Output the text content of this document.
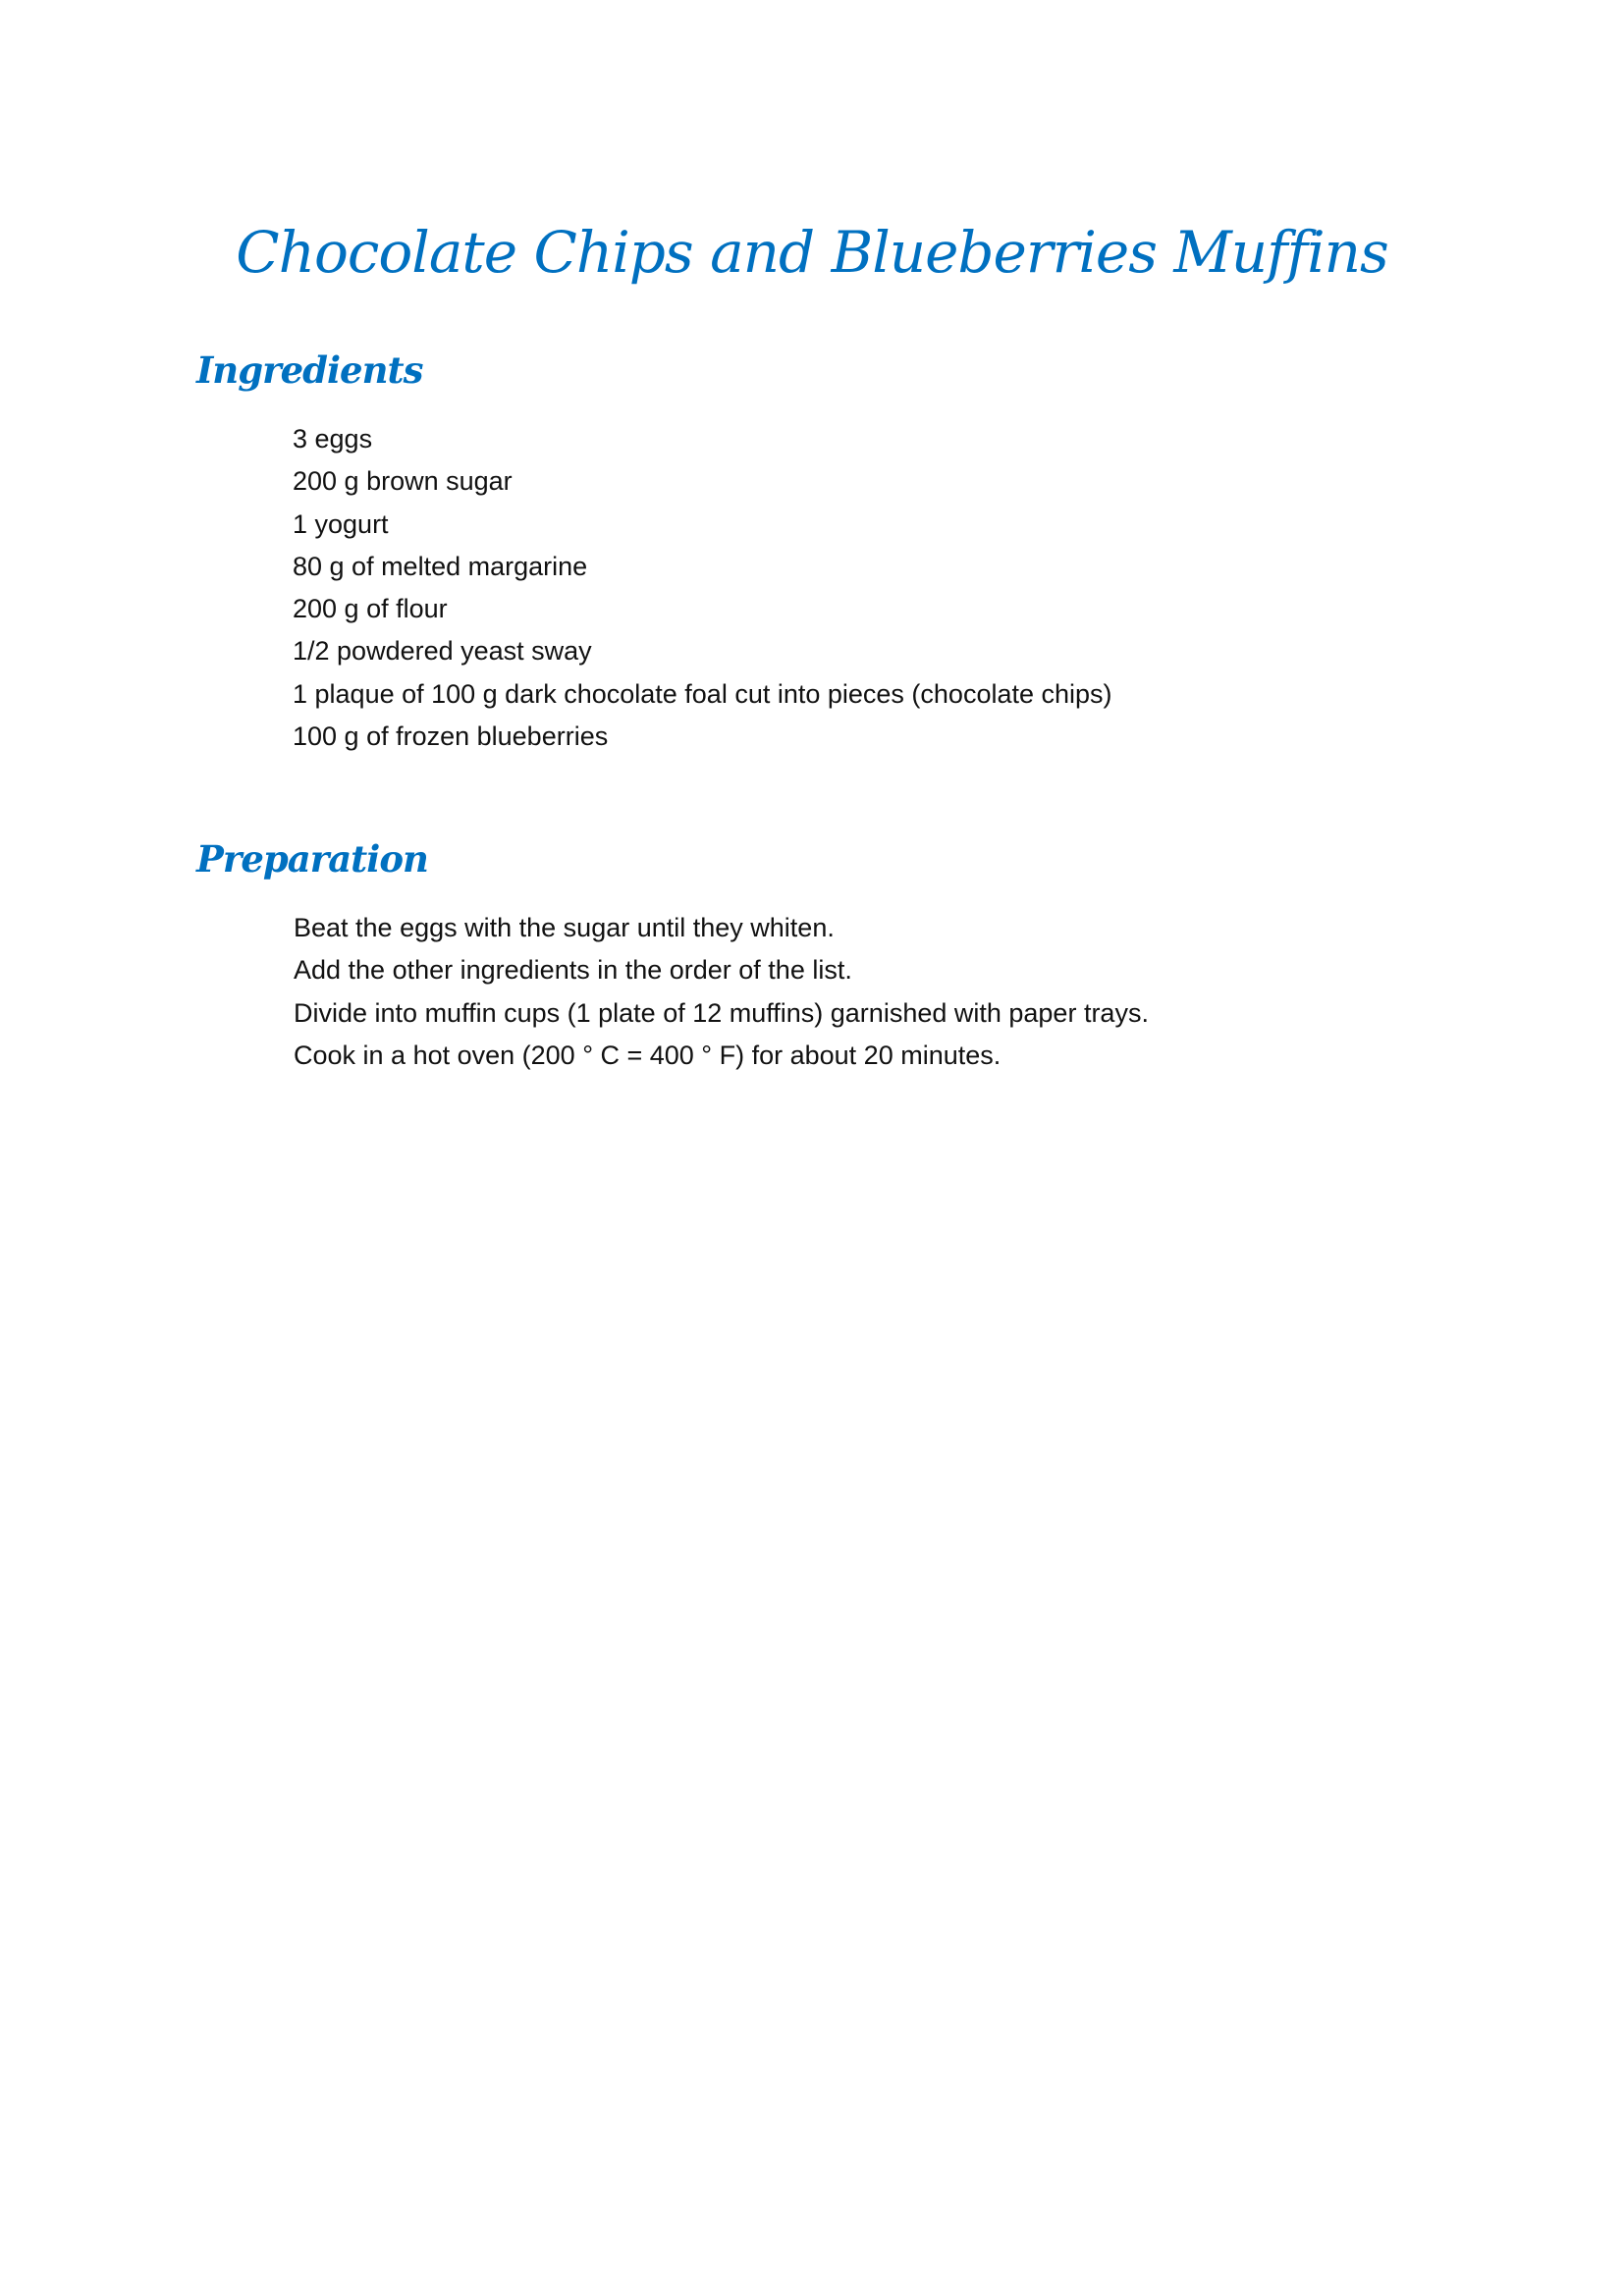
Chocolate Chips and Blueberries Muffins
Ingredients
3 eggs
200 g brown sugar
1 yogurt
80 g of melted margarine
200 g of flour
1/2 powdered yeast sway
1 plaque of 100 g dark chocolate foal cut into pieces (chocolate chips)
100 g of frozen blueberries
Preparation
Beat the eggs with the sugar until they whiten.
Add the other ingredients in the order of the list.
Divide into muffin cups (1 plate of 12 muffins) garnished with paper trays.
Cook in a hot oven (200 ° C = 400 ° F) for about 20 minutes.
